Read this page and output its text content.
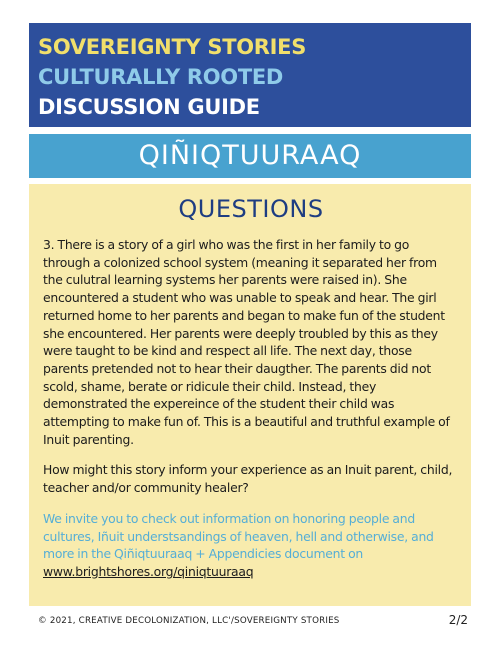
SOVEREIGNTY STORIES
CULTURALLY ROOTED
DISCUSSION GUIDE
QIÑIQTUURAAQ
QUESTIONS

3. There is a story of a girl who was the first in her family to go through a colonized school system (meaning it separated her from the culutral learning systems her parents were raised in). She encountered a student who was unable to speak and hear. The girl returned home to her parents and began to make fun of the student she encountered. Her parents were deeply troubled by this as they were taught to be kind and respect all life. The next day, those parents pretended not to hear their daugther. The parents did not scold, shame, berate or ridicule their child. Instead, they demonstrated the expereince of the student their child was attempting to make fun of. This is a beautiful and truthful example of Inuit parenting.

How might this story inform your experience as an Inuit parent, child, teacher and/or community healer?

We invite you to check out information on honoring people and cultures, Iñuit understsandings of heaven, hell and otherwise, and more in the Qiñiqtuuraaq + Appendicies document on www.brightshores.org/qiniqtuuraaq

© 2021, CREATIVE DECOLONIZATION, LLC'/SOVEREIGNTY STORIES	2/2
